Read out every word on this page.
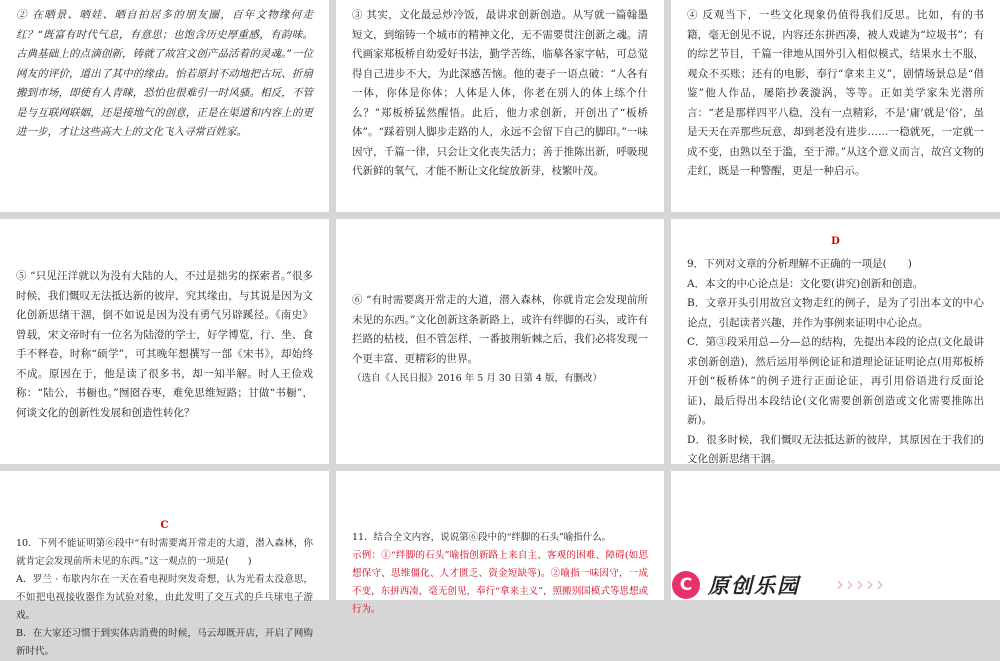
② 在晒景、晒娃、晒自拍居多的朋友圈，百年文物缘何走红？“既富有时代气息，有意思；也饱含历史厚重感，有韵味。古典基础上的点滴创新，铸就了故宫文创产品活着的灵魂。”一位网友的评价，道出了其中的缘由。怡若原封不动地把古玩、折扇搬到市场，即使有人青睐，恐怕也很难引一时风骚。相反，不管是与互联网联姻，还是接地气的创意，正是在渠道和内容上的更进一步，才让这些高大上的文化飞入寻常百姓家。
③ 其实，文化最忌炒冷饭，最讲求创新创造。从写就一篇翰墨短文，到缩铸一个城市的精神文化，无不需要贯注创新之魂。清代画家郑板桥自幼爱好书法，勤学苦练，临摹各家字帖，可总觉得自己进步不大，为此深感苦恼。他的妻子一语点破：“人各有一体，你体是你体；人体是人体，你老在别人的体上练个什么？”郑板桥猛然醒悟。此后，他力求创新，开创出了“板桥体”。“踩着别人脚步走路的人，永远不会留下自己的脚印。”一味因守，千篇一律，只会让文化丧失活力；善于推陈出新，呼吸现代新鲜的氧气，才能不断让文化绽放新芽，枝繁叶茂。
④ 反观当下，一些文化现象仍值得我们反思。比如，有的书籍，毫无创见不说，内容还东拼西凑，被人戏谑为“垃圾书”；有的综艺节目，千篇一律地从国外引入相似模式，结果水土不服，观众不买账；还有的电影，奉行“拿来主义”，剧情场景总是“借鉴”他人作品，屡陷抄袭漩涡，等等。正如美学家朱光潜所言：“老是那样四平八稳，没有一点精彩，不是‘庸’就是‘俗’，虽是天天在弄那些玩意，却到老没有进步……一稳就死，一定就一成不变，由熟以至于滥，至于滞。”从这个意义而言，故宫文物的走红，既是一种警醒，更是一种启示。
⑤ “只见汪洋就以为没有大陆的人，不过是拙劣的探索者。”很多时候，我们慨叹无法抵达新的彼岸，究其缘由，与其说是因为文化创新思绪干涸，倒不如说是因为没有勇气另辟蹊径。《南史》曾载，宋文帝时有一位名为陆澄的学士，好学博览，行、坐、食手不释卷，时称“硕学”，可其晚年想撰写一部《宋书》，却始终不成。原因在于，他是读了很多书，却一知半解。时人王俭戏称：“陆公，书橱也。”囫囵吞枣，难免思维短路；甘做“书橱”，何谈文化的创新性发展和创造性转化？

⑥ “有时需要离开常走的大道，潜入森林，你就肯定会发现前所未见的东西。”文化创新这条新路上，或许有绊脚的石头，或许有拦路的枯枝，但不管怎样，一番披荆斩棘之后，我们必将发现一个更丰富、更精彩的世界。

（选自《人民日报》2016 年 5 月 30 日第 4 版，有删改）

D

9．下列对文章的分析理解不正确的一项是(　　)

A．本文的中心论点是：文化要(讲究)创新和创造。

B．文章开头引用故宫文物走红的例子，是为了引出本文的中心论点，引起读者兴趣，并作为事例来证明中心论点。

C．第③段采用总—分—总的结构，先提出本段的论点(文化最讲求创新创造)，然后运用举例论证和道理论证证明论点(用郑板桥开创“板桥体”的例子进行正面论证，再引用俗语进行反面论证)，最后得出本段结论(文化需要创新创造或文化需要推陈出新)。

D．很多时候，我们慨叹无法抵达新的彼岸，其原因在于我们的文化创新思绪干涸。

C

10．下列不能证明第⑥段中“有时需要离开常走的大道，潜入森林，你就肯定会发现前所未见的东西。”这一观点的一项是(　　)

A．罗兰 · 布歇内尔在一天在看电视时突发奇想，认为光看太没意思，不如把电视接收器作为试验对象，由此发明了交互式的乒乓球电子游戏。

B．在大家还习惯于到实体店消费的时候，马云却既开店，开启了网购新时代。

11．结合全文内容，说说第⑥段中的“绊脚的石头”喻指什么。

示例：①“绊脚的石头”喻指创新路上来自主、客观的困难、障碍(如思想保守、思维僵化、人才匮乏、资金短缺等)。②喻指一味因守，一成不变，东拼西凑，毫无创见，奉行“拿来主义”，照搬别国模式等思想或行为。

C 原创乐园 ›››››
